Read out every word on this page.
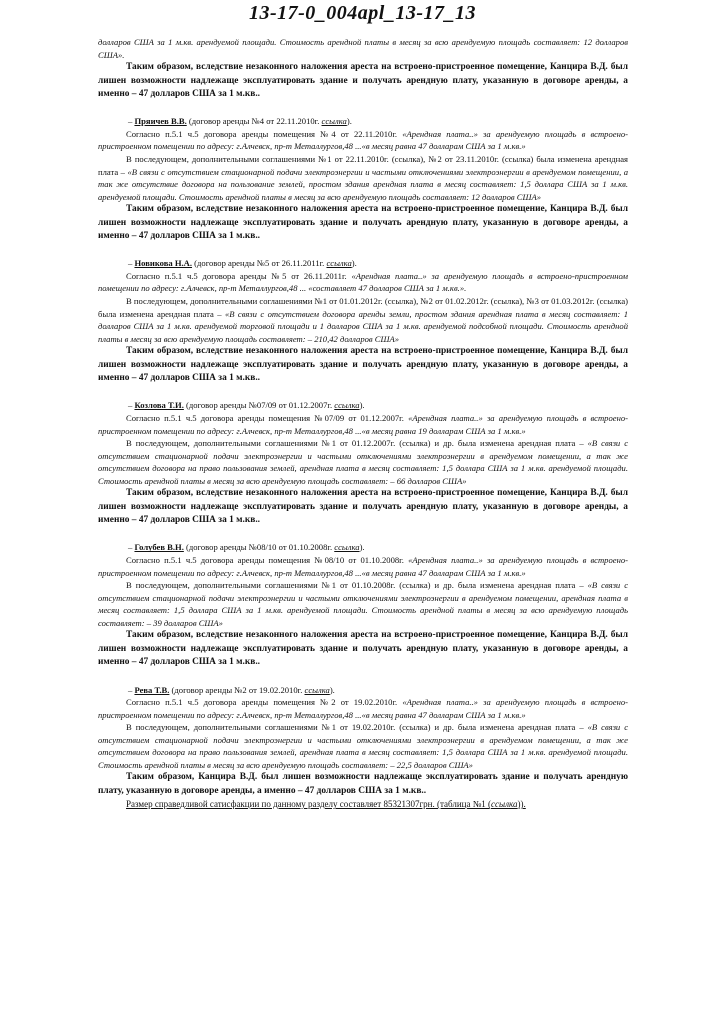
13-17-0_004apl_13-17_13

долларов США за 1 м.кв. арендуемой площади. Стоимость арендной платы в месяц за всю арендуемую площадь составляет: 12 долларов США».

Таким образом, вследствие незаконного наложения ареста на встроено-пристроенное помещение, Канцира В.Д. был лишен возможности надлежаще эксплуатировать здание и получать арендную плату, указанную в договоре аренды, а именно – 47 долларов США за 1 м.кв..

– Пряичев В.В. (договор аренды №4 от 22.11.2010г. ссылка).

Согласно п.5.1 ч.5 договора аренды помещения №4 от 22.11.2010г. «Арендная плата..» за арендуемую площадь в встроено-пристроенном помещении по адресу: г.Алчевск, пр-т Металлургов,48 ...«в месяц равна 47 долларам США за 1 м.кв.»

В последующем, дополнительными соглашениями №1 от 22.11.2010г. (ссылка), №2 от 23.11.2010г. (ссылка) была изменена арендная плата – «В связи с отсутствием стационарной подачи электроэнергии и частыми отключениями электроэнергии в арендуемом помещении, а так же отсутствие договора на пользование землей, простом здания арендная плата в месяц составляет: 1,5 доллара США за 1 м.кв. арендуемой площади. Стоимость арендной платы в месяц за всю арендуемую площадь составляет: 12 долларов США»

Таким образом, вследствие незаконного наложения ареста на встроено-пристроенное помещение, Канцира В.Д. был лишен возможности надлежаще эксплуатировать здание и получать арендную плату, указанную в договоре аренды, а именно – 47 долларов США за 1 м.кв..

– Новикова Н.А. (договор аренды №5 от 26.11.2011г. ссылка).

Согласно п.5.1 ч.5 договора аренды №5 от 26.11.2011г. «Арендная плата..» за арендуемую площадь в встроено-пристроенном помещении по адресу: г.Алчевск, пр-т Металлургов,48 ... «составляет 47 долларов США за 1 м.кв.».

В последующем, дополнительными соглашениями №1 от 01.01.2012г. (ссылка), №2 от 01.02.2012г. (ссылка), №3 от 01.03.2012г. (ссылка) была изменена арендная плата – «В связи с отсутствием договора аренды земли, простом здания арендная плата в месяц составляет: 1 долларов США за 1 м.кв. арендуемой торговой площади и 1 долларов США за 1 м.кв. арендуемой подсобной площади. Стоимость арендной платы в месяц за всю арендуемую площадь составляет: – 210,42 долларов США»

Таким образом, вследствие незаконного наложения ареста на встроено-пристроенное помещение, Канцира В.Д. был лишен возможности надлежаще эксплуатировать здание и получать арендную плату, указанную в договоре аренды, а именно – 47 долларов США за 1 м.кв..

– Козлова Т.И. (договор аренды №07/09 от 01.12.2007г. ссылка).

Согласно п.5.1 ч.5 договора аренды помещения №07/09 от 01.12.2007г. «Арендная плата..» за арендуемую площадь в встроено-пристроенном помещении по адресу: г.Алчевск, пр-т Металлургов,48 ...«в месяц равна 19 долларам США за 1 м.кв.»

В последующем, дополнительными соглашениями №1 от 01.12.2007г. (ссылка) и др. была изменена арендная плата – «В связи с отсутствием стационарной подачи электроэнергии и частыми отключениями электроэнергии в арендуемом помещении, а так же отсутствием договора на право пользования землей, арендная плата в месяц составляет: 1,5 доллара США за 1 м.кв. арендуемой площади. Стоимость арендной платы в месяц за всю арендуемую площадь составляет: – 66 долларов США»

Таким образом, вследствие незаконного наложения ареста на встроено-пристроенное помещение, Канцира В.Д. был лишен возможности надлежаще эксплуатировать здание и получать арендную плату, указанную в договоре аренды, а именно – 47 долларов США за 1 м.кв..

– Голубев В.Н. (договор аренды №08/10 от 01.10.2008г. ссылка).

Согласно п.5.1 ч.5 договора аренды помещения №08/10 от 01.10.2008г. «Арендная плата..» за арендуемую площадь в встроено-пристроенном помещении по адресу: г.Алчевск, пр-т Металлургов,48 ...«в месяц равна 47 долларам США за 1 м.кв.»

В последующем, дополнительными соглашениями №1 от 01.10.2008г. (ссылка) и др. была изменена арендная плата – «В связи с отсутствием стационарной подачи электроэнергии и частыми отключениями электроэнергии в арендуемом помещении, арендная плата в месяц составляет: 1,5 доллара США за 1 м.кв. арендуемой площади. Стоимость арендной платы в месяц за всю арендуемую площадь составляет: – 39 долларов США»

Таким образом, вследствие незаконного наложения ареста на встроено-пристроенное помещение, Канцира В.Д. был лишен возможности надлежаще эксплуатировать здание и получать арендную плату, указанную в договоре аренды, а именно – 47 долларов США за 1 м.кв..

– Рева Т.В. (договор аренды №2 от 19.02.2010г. ссылка).

Согласно п.5.1 ч.5 договора аренды помещения №2 от 19.02.2010г. «Арендная плата..» за арендуемую площадь в встроено-пристроенном помещении по адресу: г.Алчевск, пр-т Металлургов,48 ...«в месяц равна 47 долларам США за 1 м.кв.»

В последующем, дополнительными соглашениями №1 от 19.02.2010г. (ссылка) и др. была изменена арендная плата – «В связи с отсутствием стационарной подачи электроэнергии и частыми отключениями электроэнергии в арендуемом помещении, а так же отсутствием договора на право пользования землей, арендная плата в месяц составляет: 1,5 доллара США за 1 м.кв. арендуемой площади. Стоимость арендной платы в месяц за всю арендуемую площадь составляет: – 22,5 долларов США»

Таким образом, Канцира В.Д. был лишен возможности надлежаще эксплуатировать здание и получать арендную плату, указанную в договоре аренды, а именно – 47 долларов США за 1 м.кв..

Размер справедливой сатисфакции по данному разделу составляет 85321307грн. (таблица №1 (ссылка)).
